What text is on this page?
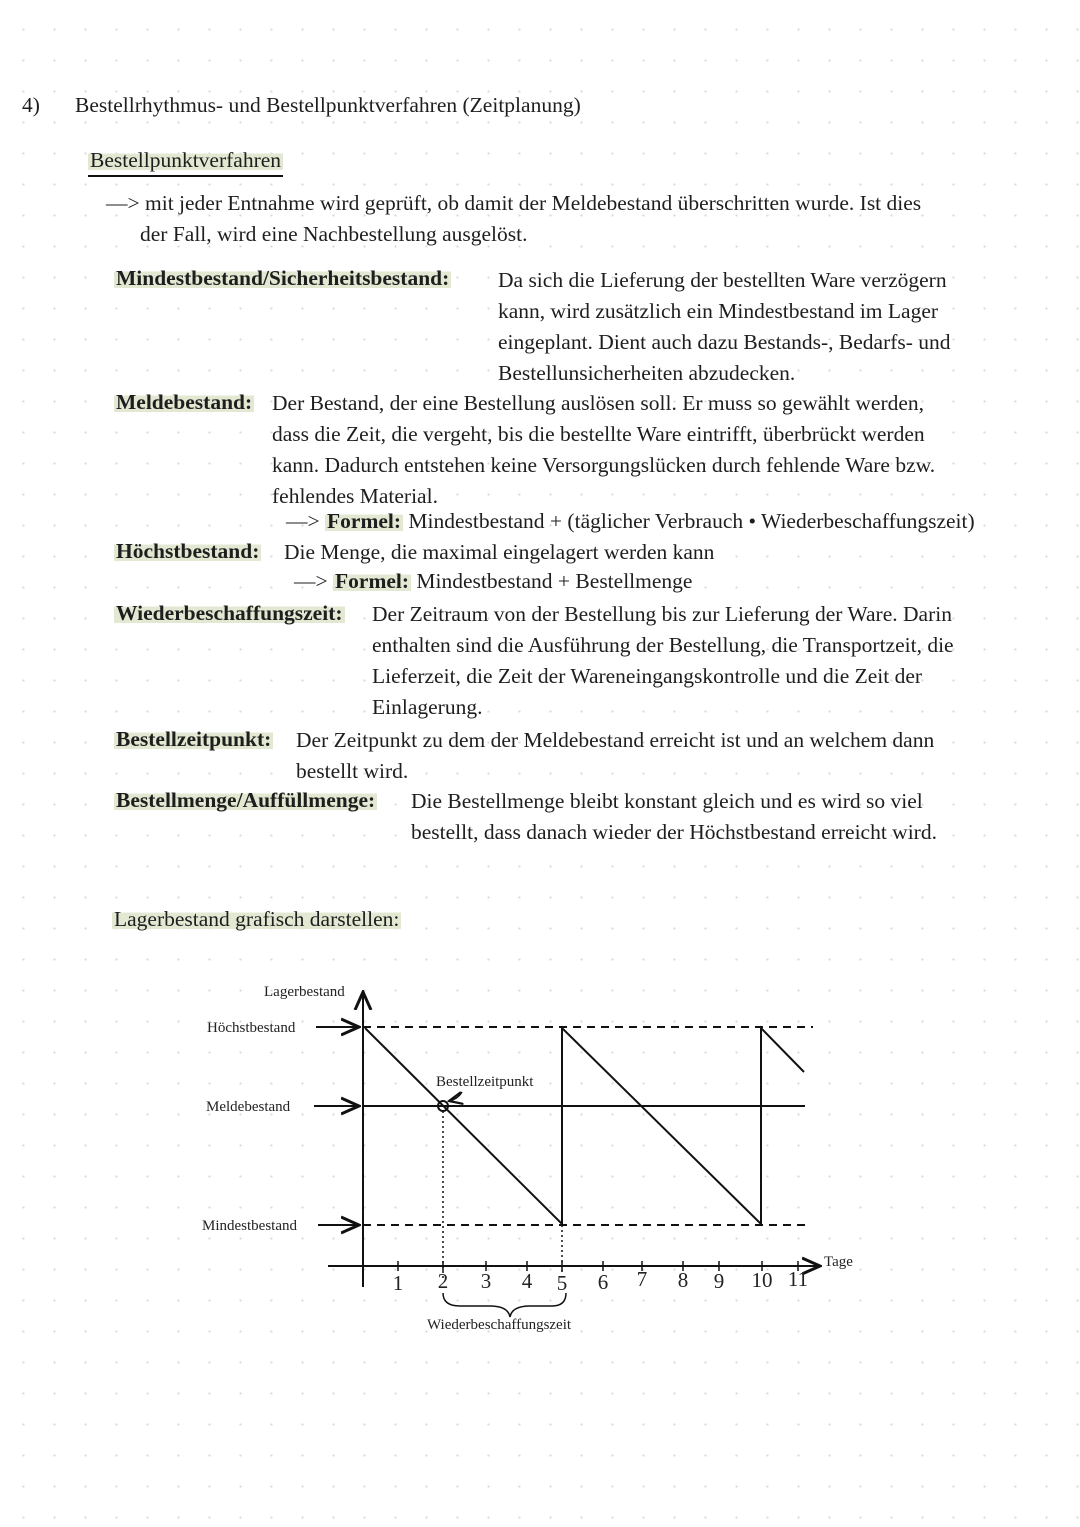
4) Bestellrhythmus- und Bestellpunktverfahren (Zeitplanung)
Bestellpunktverfahren
—> mit jeder Entnahme wird geprüft, ob damit der Meldebestand überschritten wurde. Ist dies
der Fall, wird eine Nachbestellung ausgelöst.
Mindestbestand/Sicherheitsbestand: Da sich die Lieferung der bestellten Ware verzögern
kann, wird zusätzlich ein Mindestbestand im Lager
eingeplant. Dient auch dazu Bestands-, Bedarfs- und
Bestellunsicherheiten abzudecken.
Meldebestand: Der Bestand, der eine Bestellung auslösen soll. Er muss so gewählt werden,
dass die Zeit, die vergeht, bis die bestellte Ware eintrifft, überbrückt werden
kann. Dadurch entstehen keine Versorgungslücken durch fehlende Ware bzw.
fehlendes Material.
—> Formel: Mindestbestand + (täglicher Verbrauch • Wiederbeschaffungszeit)
Höchstbestand: Die Menge, die maximal eingelagert werden kann
—> Formel: Mindestbestand + Bestellmenge
Wiederbeschaffungszeit: Der Zeitraum von der Bestellung bis zur Lieferung der Ware. Darin
enthalten sind die Ausführung der Bestellung, die Transportzeit, die
Lieferzeit, die Zeit der Wareneingangskontrolle und die Zeit der
Einlagerung.
Bestellzeitpunkt: Der Zeitpunkt zu dem der Meldebestand erreicht ist und an welchem dann
bestellt wird.
Bestellmenge/Auffüllmenge: Die Bestellmenge bleibt konstant gleich und es wird so viel
bestellt, dass danach wieder der Höchstbestand erreicht wird.
Lagerbestand grafisch darstellen:
Lagerbestand
Tage
1 2 3 4 5 6 7 8 9 10 11
Höchstbestand
Meldebestand
Mindestbestand
Bestellzeitpunkt
Wiederbeschaffungszeit
